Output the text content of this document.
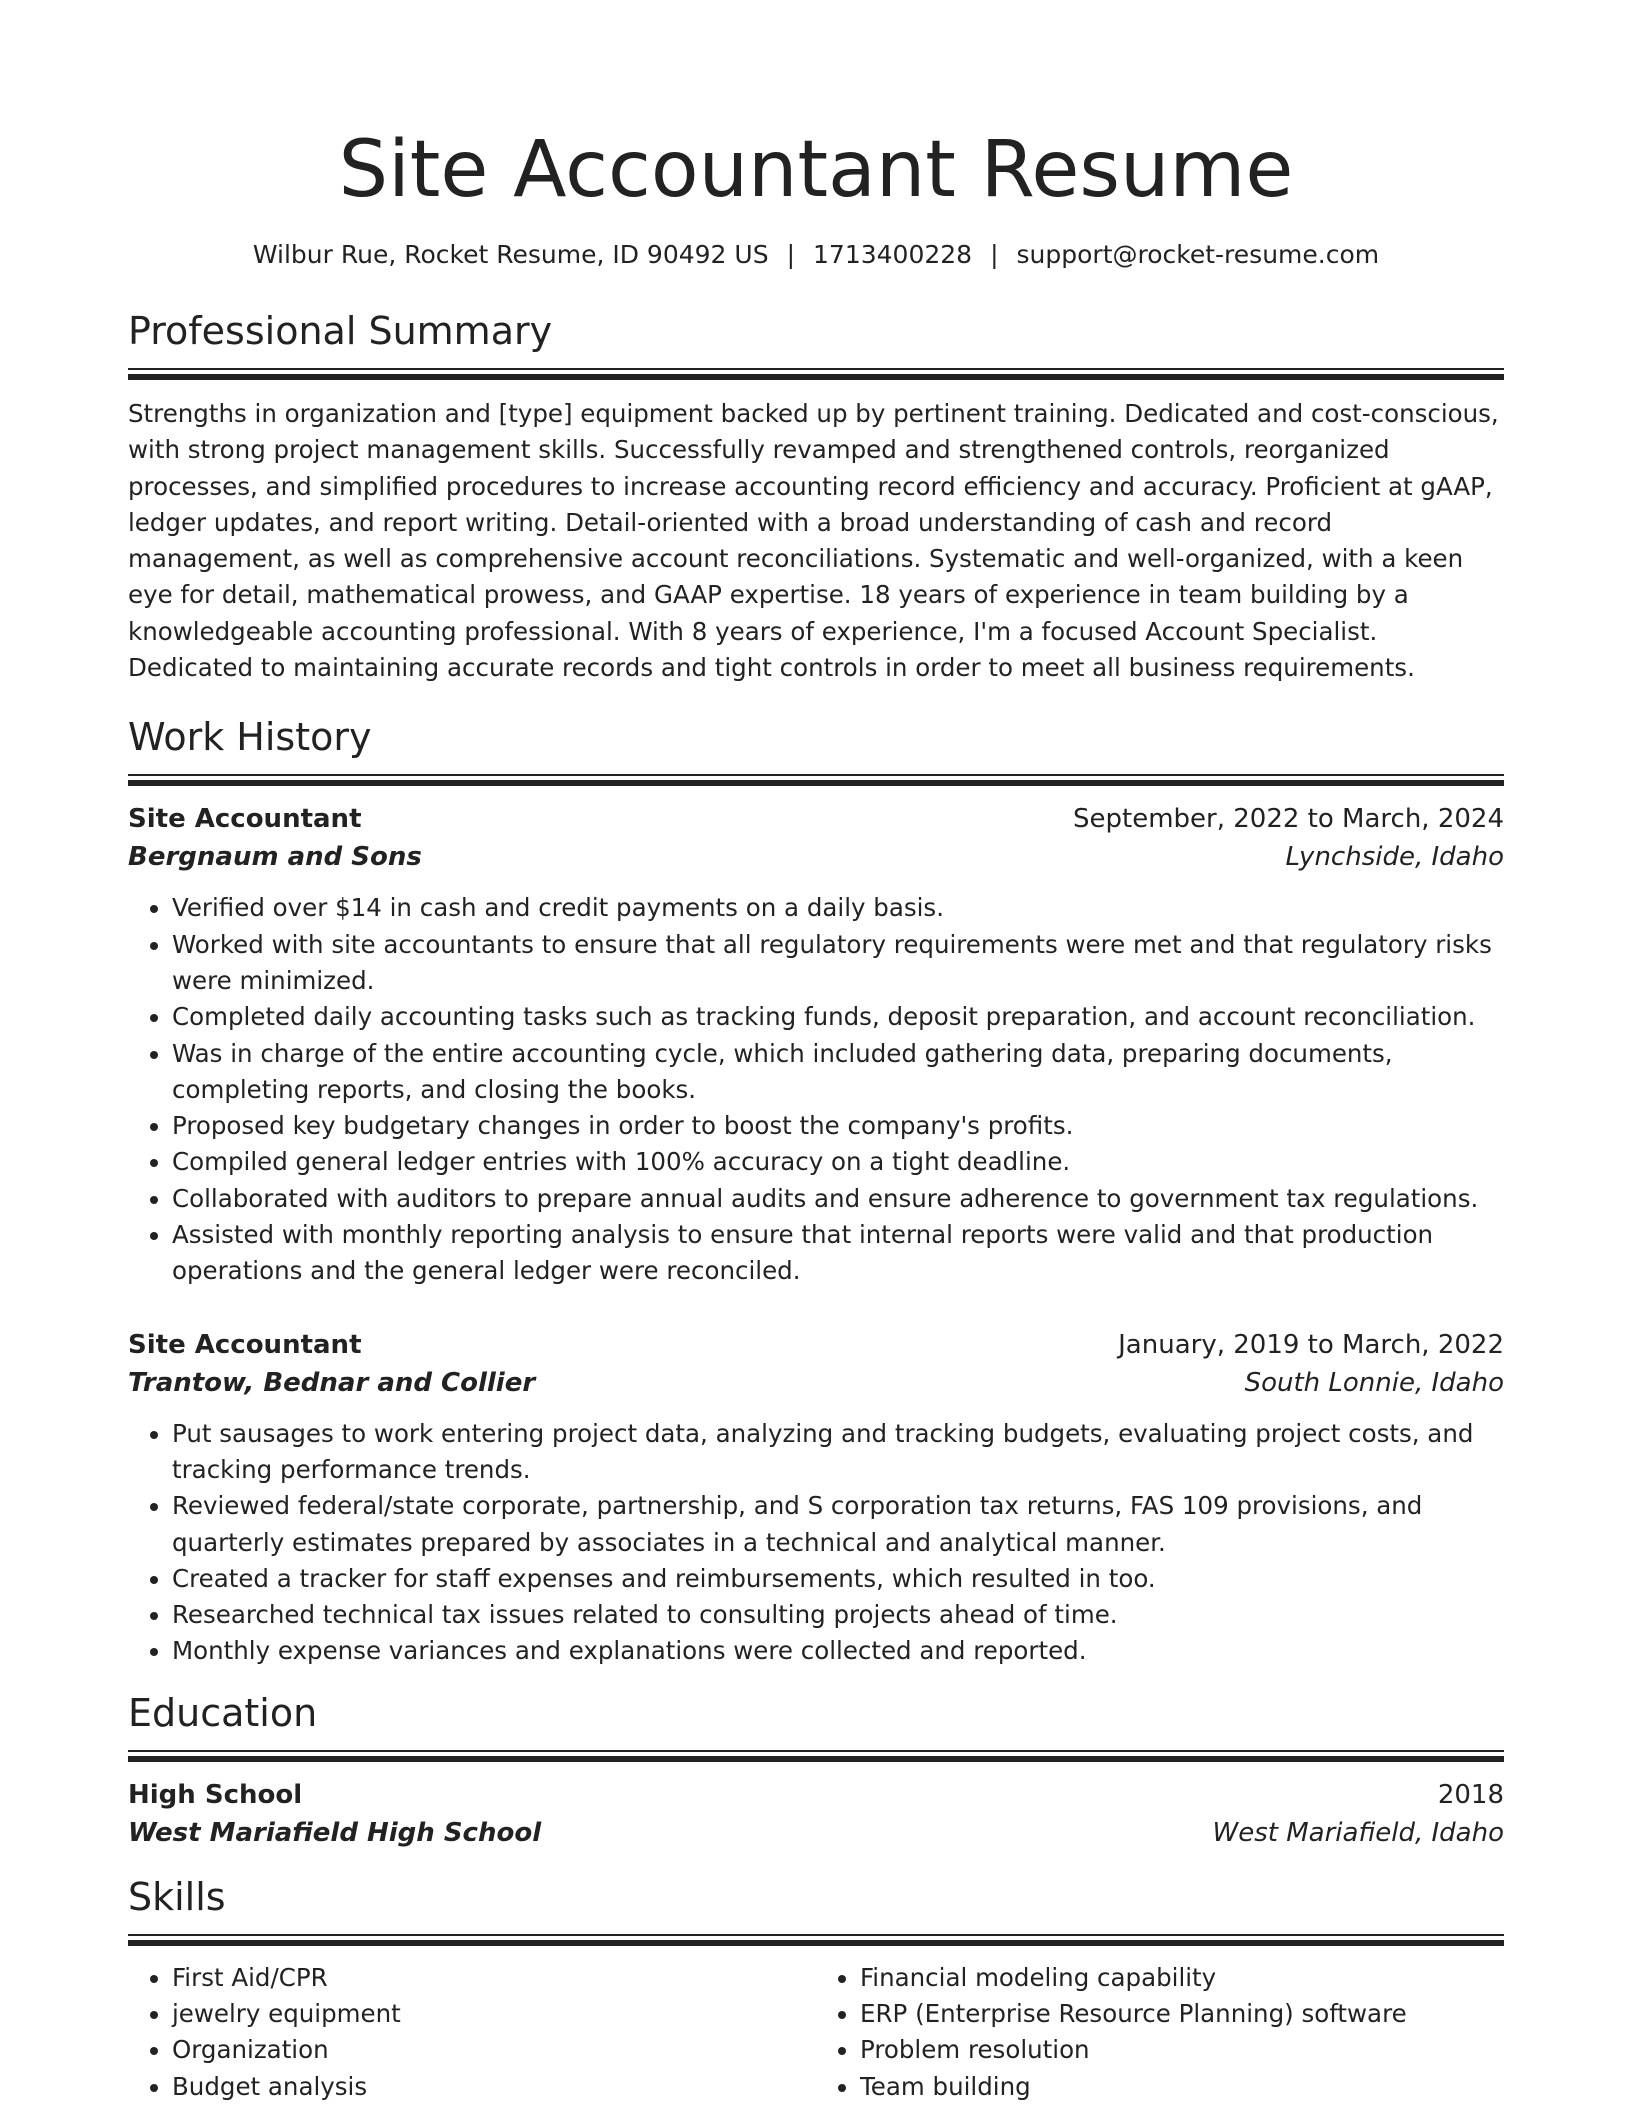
Site Accountant Resume
Wilbur Rue, Rocket Resume, ID 90492 US | 1713400228 | support@rocket-resume.com
Professional Summary

Strengths in organization and [type] equipment backed up by pertinent training. Dedicated and cost-conscious, with strong project management skills. Successfully revamped and strengthened controls, reorganized processes, and simplified procedures to increase accounting record efficiency and accuracy. Proficient at gAAP, ledger updates, and report writing. Detail-oriented with a broad understanding of cash and record management, as well as comprehensive account reconciliations. Systematic and well-organized, with a keen eye for detail, mathematical prowess, and GAAP expertise. 18 years of experience in team building by a knowledgeable accounting professional. With 8 years of experience, I'm a focused Account Specialist. Dedicated to maintaining accurate records and tight controls in order to meet all business requirements.

Work History
Site Accountant	September, 2022 to March, 2024
Bergnaum and Sons	Lynchside, Idaho
• Verified over $14 in cash and credit payments on a daily basis.
• Worked with site accountants to ensure that all regulatory requirements were met and that regulatory risks were minimized.
• Completed daily accounting tasks such as tracking funds, deposit preparation, and account reconciliation.
• Was in charge of the entire accounting cycle, which included gathering data, preparing documents, completing reports, and closing the books.
• Proposed key budgetary changes in order to boost the company's profits.
• Compiled general ledger entries with 100% accuracy on a tight deadline.
• Collaborated with auditors to prepare annual audits and ensure adherence to government tax regulations.
• Assisted with monthly reporting analysis to ensure that internal reports were valid and that production operations and the general ledger were reconciled.
Site Accountant	January, 2019 to March, 2022
Trantow, Bednar and Collier	South Lonnie, Idaho
• Put sausages to work entering project data, analyzing and tracking budgets, evaluating project costs, and tracking performance trends.
• Reviewed federal/state corporate, partnership, and S corporation tax returns, FAS 109 provisions, and quarterly estimates prepared by associates in a technical and analytical manner.
• Created a tracker for staff expenses and reimbursements, which resulted in too.
• Researched technical tax issues related to consulting projects ahead of time.
• Monthly expense variances and explanations were collected and reported.
Education
High School	2018
West Mariafield High School	West Mariafield, Idaho
Skills
• First Aid/CPR
• jewelry equipment
• Organization
• Budget analysis
• Financial modeling capability
• ERP (Enterprise Resource Planning) software
• Problem resolution
• Team building
